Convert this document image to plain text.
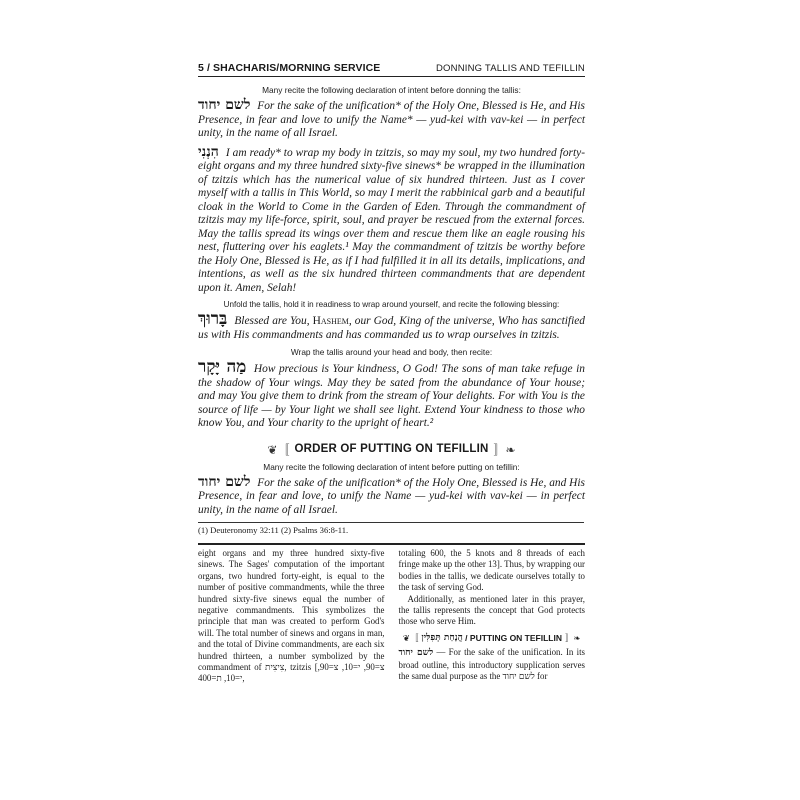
5 / SHACHARIS/MORNING SERVICE	DONNING TALLIS AND TEFILLIN
Many recite the following declaration of intent before donning the tallis:

לשם יחוד For the sake of the unification* of the Holy One, Blessed is He, and His Presence, in fear and love to unify the Name* — yud-kei with vav-kei — in perfect unity, in the name of all Israel.

הִנְנִי I am ready* to wrap my body in tzitzis, so may my soul, my two hundred forty-eight organs and my three hundred sixty-five sinews* be wrapped in the illumination of tzitzis which has the numerical value of six hundred thirteen. Just as I cover myself with a tallis in This World, so may I merit the rabbinical garb and a beautiful cloak in the World to Come in the Garden of Eden. Through the commandment of tzitzis may my life-force, spirit, soul, and prayer be rescued from the external forces. May the tallis spread its wings over them and rescue them like an eagle rousing his nest, fluttering over his eaglets.¹ May the commandment of tzitzis be worthy before the Holy One, Blessed is He, as if I had fulfilled it in all its details, implications, and intentions, as well as the six hundred thirteen commandments that are dependent upon it. Amen, Selah!

Unfold the tallis, hold it in readiness to wrap around yourself, and recite the following blessing:

בָּרוּךְ Blessed are You, Hashem, our God, King of the universe, Who has sanctified us with His commandments and has commanded us to wrap ourselves in tzitzis.

Wrap the tallis around your head and body, then recite:

מַה יָּקָר How precious is Your kindness, O God! The sons of man take refuge in the shadow of Your wings. May they be sated from the abundance of Your house; and may You give them to drink from the stream of Your delights. For with You is the source of life — by Your light we shall see light. Extend Your kindness to those who know You, and Your charity to the upright of heart.²

❦〚 ORDER OF PUTTING ON TEFILLIN 〛❧
Many recite the following declaration of intent before putting on tefillin:

לשם יחוד For the sake of the unification* of the Holy One, Blessed is He, and His Presence, in fear and love, to unify the Name — yud-kei with vav-kei — in perfect unity, in the name of all Israel.

(1) Deuteronomy 32:11 (2) Psalms 36:8-11.

eight organs and my three hundred sixty-five sinews. The Sages' computation of the important organs, two hundred forty-eight, is equal to the number of positive commandments, while the three hundred sixty-five sinews equal the number of negative commandments. This symbolizes the principle that man was created to perform God's will. The total number of sinews and organs in man, and the total of Divine commandments, are each six hundred thirteen, a number symbolized by the commandment of צִיצִית, tzitzis [צ=90, י=10, צ=90, י=10, ת=400,

totaling 600, the 5 knots and 8 threads of each fringe make up the other 13]. Thus, by wrapping our bodies in the tallis, we dedicate ourselves totally to the task of serving God.

Additionally, as mentioned later in this prayer, the tallis represents the concept that God protects those who serve Him.

❦〚 הֲנָחַת תְּפִלִּין / PUTTING ON TEFILLIN 〛❧

לשם יחוד — For the sake of the unification. In its broad outline, this introductory supplication serves the same dual purpose as the לשם יחוד for
